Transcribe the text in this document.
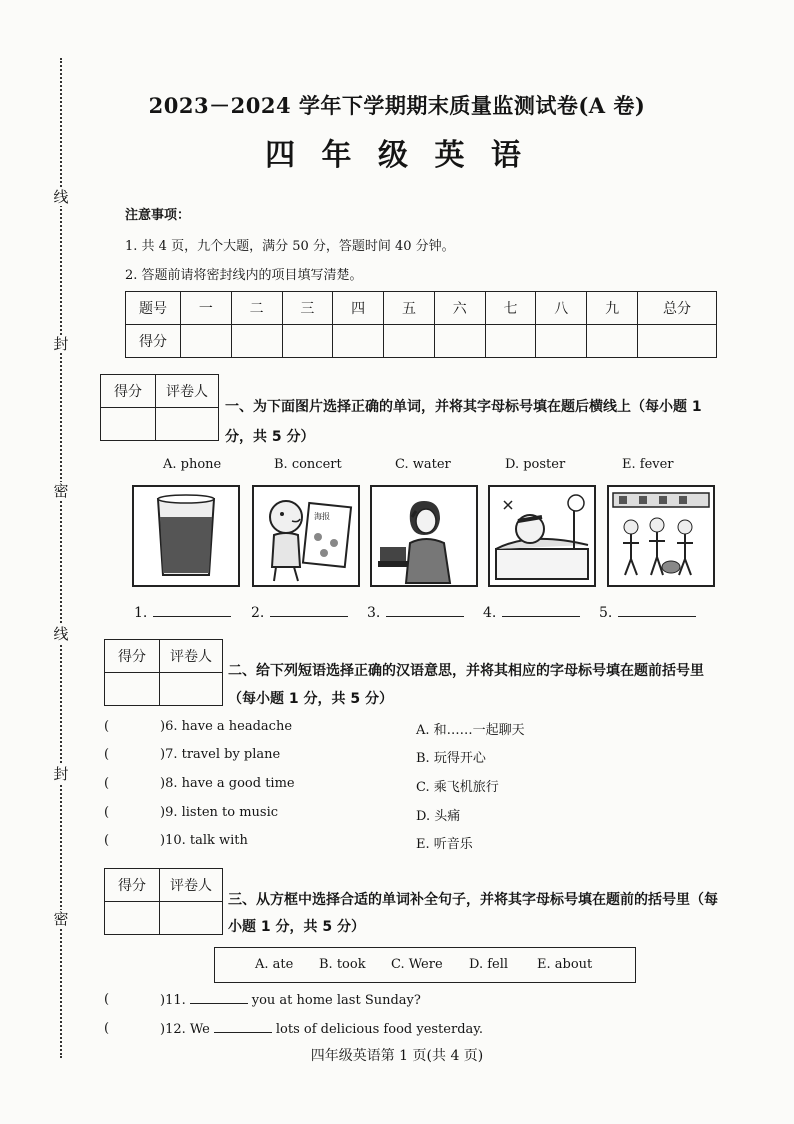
线
封
密
线
封
密
2023－2024 学年下学期期末质量监测试卷(A 卷)
四 年 级 英 语
注意事项：
1. 共 4 页，九个大题，满分 50 分，答题时间 40 分钟。
2. 答题前请将密封线内的项目填写清楚。
题号	一	二	三	四	五	六	七	八	九	总分
得分										
得分	评卷人

一、为下面图片选择正确的单词，并将其字母标号填在题后横线上（每小题 1
分，共 5 分）
A. phone	B. concert	C. water	D. poster	E. fever
海报
1.	2.	3.	4.	5.
得分	评卷人

二、给下列短语选择正确的汉语意思，并将其相应的字母标号填在题前括号里
（每小题 1 分，共 5 分）
(	)6. have a headache	A. 和……一起聊天
(	)7. travel by plane	B. 玩得开心
(	)8. have a good time	C. 乘飞机旅行
(	)9. listen to music	D. 头痛
(	)10. talk with	E. 听音乐
得分	评卷人

三、从方框中选择合适的单词补全句子，并将其字母标号填在题前的括号里（每
小题 1 分，共 5 分）
A. ate B. took C. Were D. fell E. about
(	)11.	you at home last Sunday?
(	)12. We	lots of delicious food yesterday.
四年级英语第 1 页(共 4 页)
